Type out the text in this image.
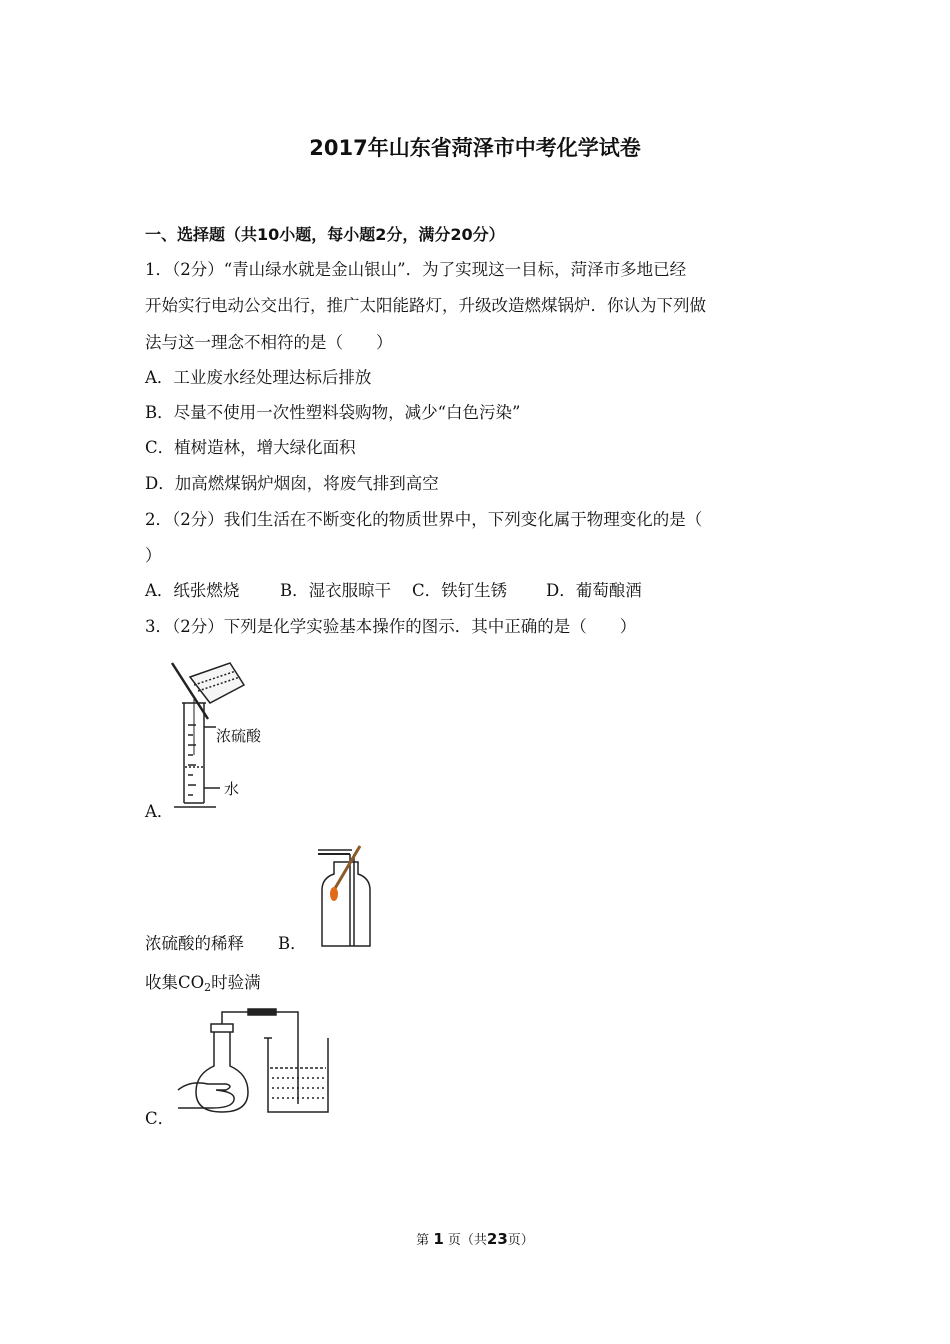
2017年山东省菏泽市中考化学试卷
一、选择题（共10小题，每小题2分，满分20分）
1．（2分）“青山绿水就是金山银山”．为了实现这一目标，菏泽市多地已经
开始实行电动公交出行，推广太阳能路灯，升级改造燃煤锅炉．你认为下列做
法与这一理念不相符的是（　　）
A．工业废水经处理达标后排放
B．尽量不使用一次性塑料袋购物，减少“白色污染”
C．植树造林，增大绿化面积
D．加高燃煤锅炉烟囱，将废气排到高空
2．（2分）我们生活在不断变化的物质世界中，下列变化属于物理变化的是（
）
A．纸张燃烧 B．湿衣服晾干 C．铁钉生锈 D．葡萄酿酒
3．（2分）下列是化学实验基本操作的图示．其中正确的是（　　）
浓硫酸
水
A．
浓硫酸的稀释 B．
收集$CO_2$时验满
C．
第 1 页（共23页）
